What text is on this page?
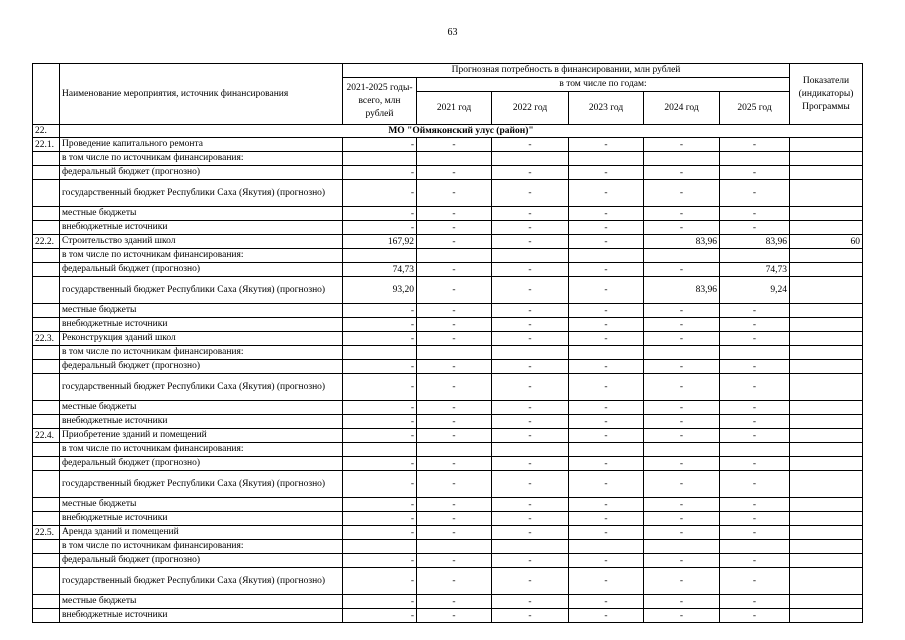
63
	Наименование мероприятия, источник финансирования	Прогнозная потребность в финансировании, млн рублей						Показатели (индикаторы) Программы
		2021-2025 годы- всего, млн рублей	в том числе по годам:					
			2021 год	2022 год	2023 год	2024 год	2025 год	
22.	МО "Оймяконский улус (район)"							
22.1.	Проведение капитального ремонта	-	-	-	-	-	-	
	в том числе по источникам финансирования:							
	федеральный бюджет (прогнозно)	-	-	-	-	-	-	
	государственный бюджет Республики Саха (Якутия) (прогнозно)	-	-	-	-	-	-	
	местные бюджеты	-	-	-	-	-	-	
	внебюджетные источники	-	-	-	-	-	-	
22.2.	Строительство зданий школ	167,92	-	-	-	83,96	83,96	60
	в том числе по источникам финансирования:							
	федеральный бюджет (прогнозно)	74,73	-	-	-	-	74,73	
	государственный бюджет Республики Саха (Якутия) (прогнозно)	93,20	-	-	-	83,96	9,24	
	местные бюджеты	-	-	-	-	-	-	
	внебюджетные источники	-	-	-	-	-	-	
22.3.	Реконструкция зданий школ	-	-	-	-	-	-	
	в том числе по источникам финансирования:							
	федеральный бюджет (прогнозно)	-	-	-	-	-	-	
	государственный бюджет Республики Саха (Якутия) (прогнозно)	-	-	-	-	-	-	
	местные бюджеты	-	-	-	-	-	-	
	внебюджетные источники	-	-	-	-	-	-	
22.4.	Приобретение зданий и помещений	-	-	-	-	-	-	
	в том числе по источникам финансирования:							
	федеральный бюджет (прогнозно)	-	-	-	-	-	-	
	государственный бюджет Республики Саха (Якутия) (прогнозно)	-	-	-	-	-	-	
	местные бюджеты	-	-	-	-	-	-	
	внебюджетные источники	-	-	-	-	-	-	
22.5.	Аренда зданий и помещений	-	-	-	-	-	-	
	в том числе по источникам финансирования:							
	федеральный бюджет (прогнозно)	-	-	-	-	-	-	
	государственный бюджет Республики Саха (Якутия) (прогнозно)	-	-	-	-	-	-	
	местные бюджеты	-	-	-	-	-	-	
	внебюджетные источники	-	-	-	-	-	-	
